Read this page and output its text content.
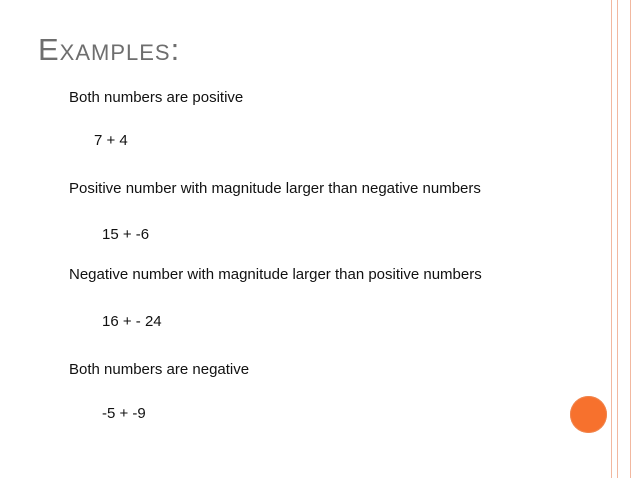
Examples:

Both numbers are positive

7 + 4

Positive number with magnitude larger than negative numbers

15 + -6

Negative number with magnitude larger than positive numbers

16 + - 24

Both numbers are negative

-5 + -9
